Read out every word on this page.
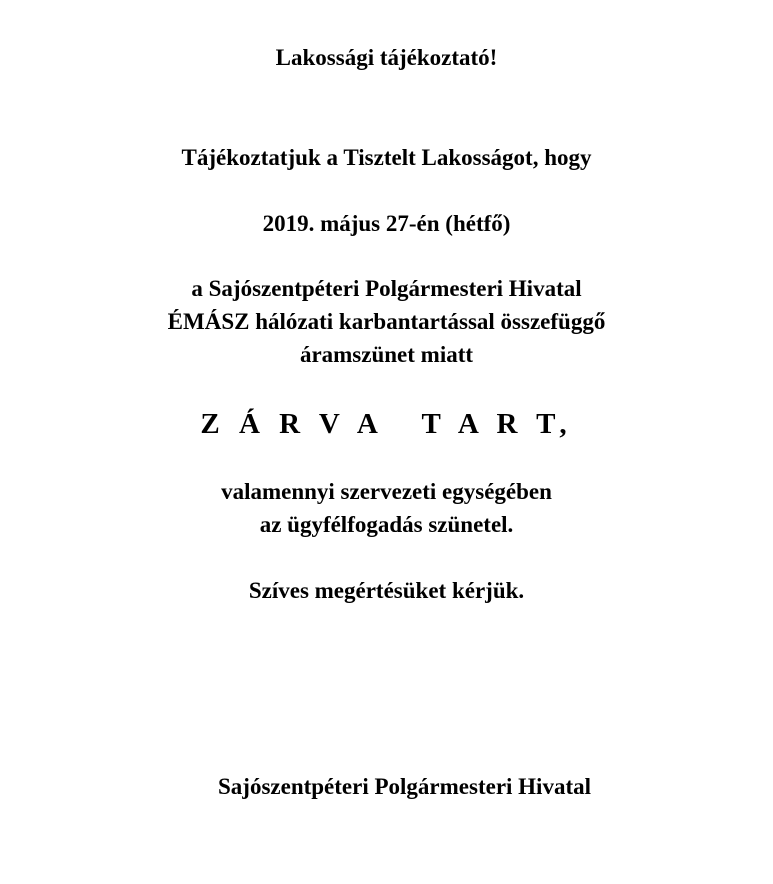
Lakossági tájékoztató!
Tájékoztatjuk a Tisztelt Lakosságot, hogy
2019. május 27-én (hétfő)
a Sajószentpéteri Polgármesteri Hivatal
ÉMÁSZ hálózati karbantartással összefüggő
áramszünet miatt
Z Á R V A   T A R T,
valamennyi szervezeti egységében
az ügyfélfogadás szünetel.
Szíves megértésüket kérjük.
Sajószentpéteri Polgármesteri Hivatal
